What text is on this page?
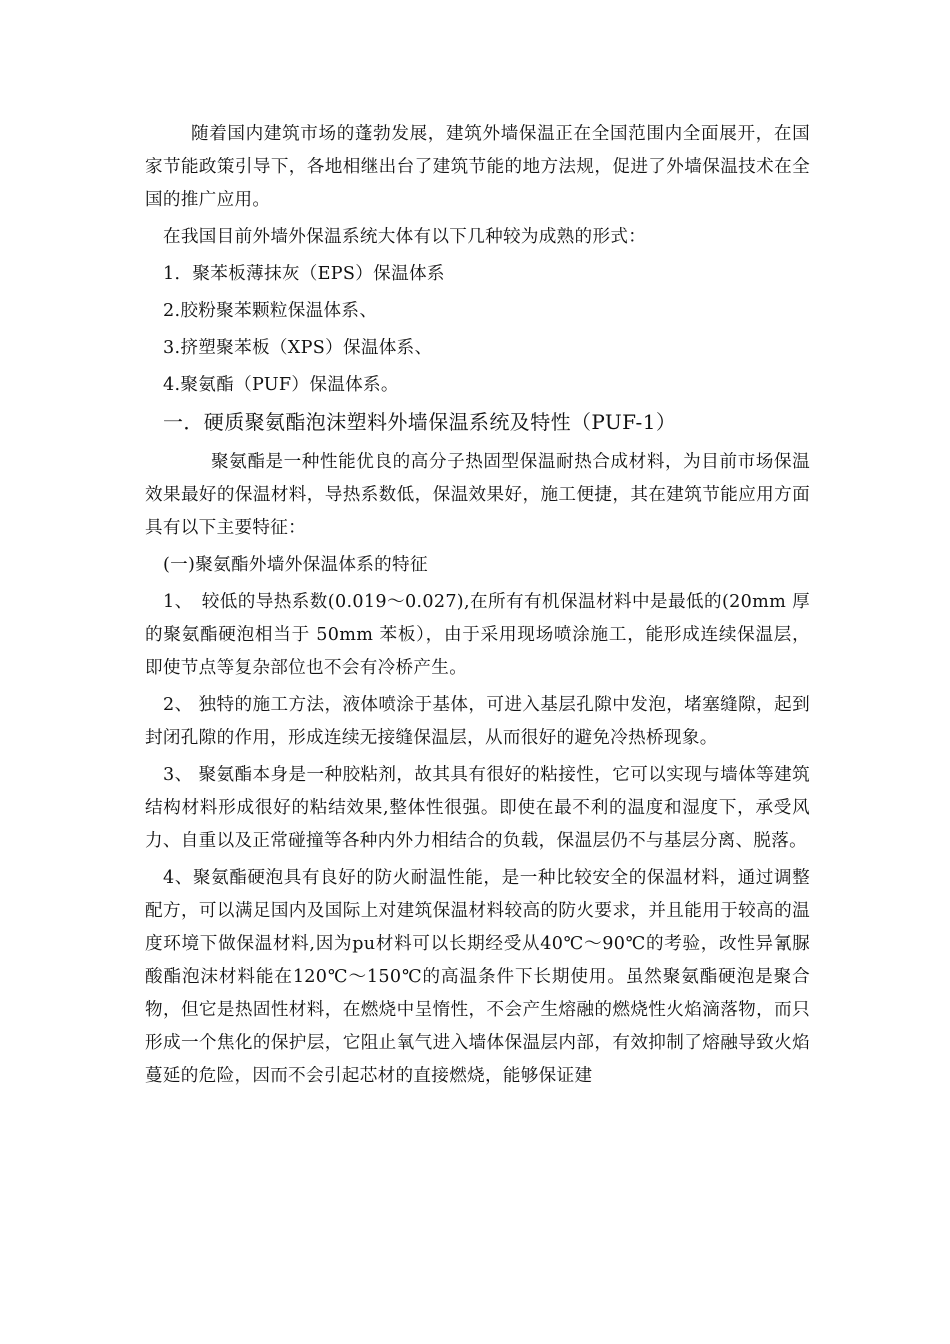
随着国内建筑市场的蓬勃发展，建筑外墙保温正在全国范围内全面展开，在国家节能政策引导下，各地相继出台了建筑节能的地方法规，促进了外墙保温技术在全国的推广应用。

在我国目前外墙外保温系统大体有以下几种较为成熟的形式：

1．聚苯板薄抹灰（EPS）保温体系

2.胶粉聚苯颗粒保温体系、

3.挤塑聚苯板（XPS）保温体系、

4.聚氨酯（PUF）保温体系。

一．硬质聚氨酯泡沫塑料外墙保温系统及特性（PUF-1）

聚氨酯是一种性能优良的高分子热固型保温耐热合成材料，为目前市场保温效果最好的保温材料，导热系数低，保温效果好，施工便捷，其在建筑节能应用方面具有以下主要特征：

(一)聚氨酯外墙外保温体系的特征

1、　较低的导热系数(0.019～0.027),在所有有机保温材料中是最低的(20mm 厚的聚氨酯硬泡相当于 50mm 苯板），由于采用现场喷涂施工，能形成连续保温层，即使节点等复杂部位也不会有冷桥产生。

2、 独特的施工方法，液体喷涂于基体，可进入基层孔隙中发泡，堵塞缝隙，起到封闭孔隙的作用，形成连续无接缝保温层，从而很好的避免冷热桥现象。

3、 聚氨酯本身是一种胶粘剂，故其具有很好的粘接性，它可以实现与墙体等建筑结构材料形成很好的粘结效果,整体性很强。即使在最不利的温度和湿度下，承受风力、自重以及正常碰撞等各种内外力相结合的负载，保温层仍不与基层分离、脱落。

4、聚氨酯硬泡具有良好的防火耐温性能，是一种比较安全的保温材料，通过调整配方，可以满足国内及国际上对建筑保温材料较高的防火要求，并且能用于较高的温度环境下做保温材料,因为pu材料可以长期经受从40℃～90℃的考验，改性异氰脲酸酯泡沫材料能在120℃～150℃的高温条件下长期使用。虽然聚氨酯硬泡是聚合物，但它是热固性材料，在燃烧中呈惰性，不会产生熔融的燃烧性火焰滴落物，而只形成一个焦化的保护层，它阻止氧气进入墙体保温层内部，有效抑制了熔融导致火焰蔓延的危险，因而不会引起芯材的直接燃烧，能够保证建
